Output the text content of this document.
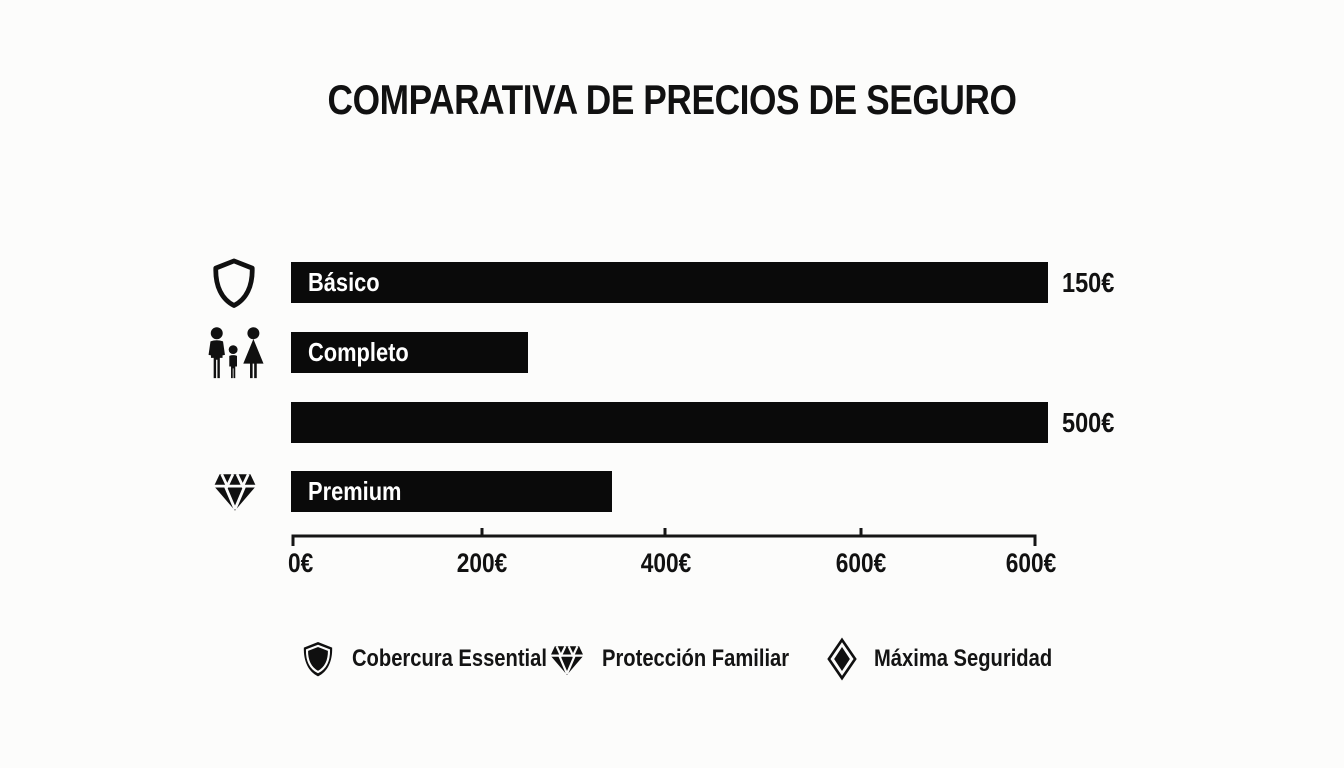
COMPARATIVA DE PRECIOS DE SEGURO
Básico
Completo
Premium
150€
500€
0€	200€	400€	600€	600€
Cobercura Essential Protección Familiar	Máxima Seguridad
